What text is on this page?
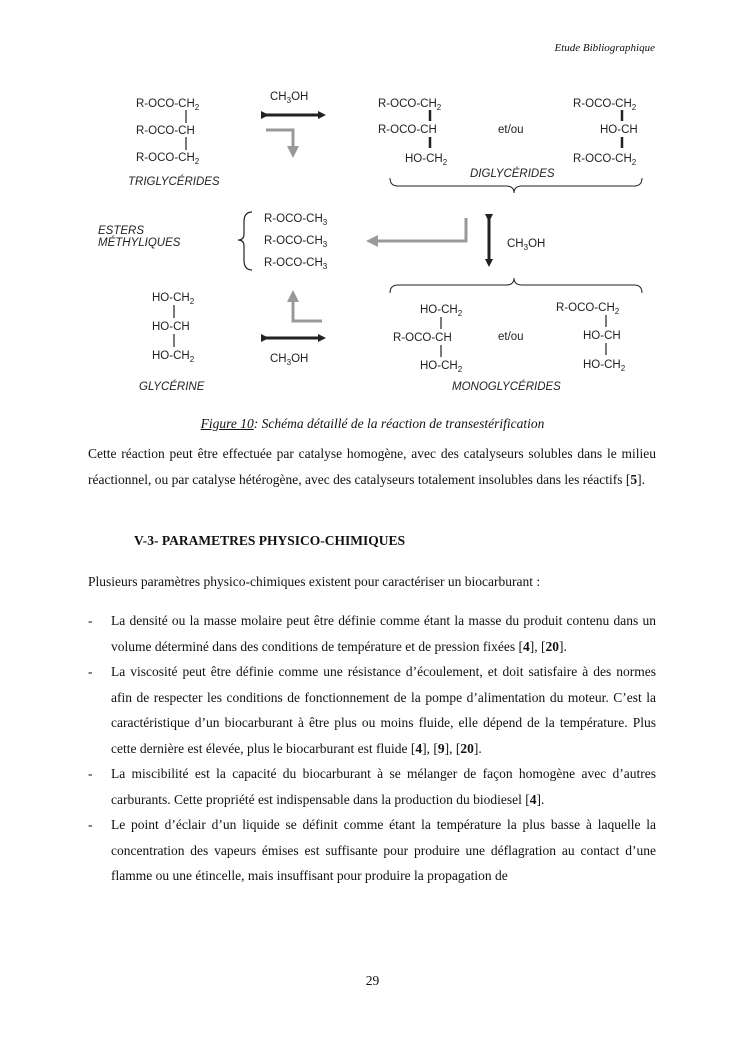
Etude Bibliographique
$R-OCO-CH_2$
R-OCO-CH
$R-OCO-CH_2$
TRIGLYCÉRIDES
$CH_3OH$
$R-OCO-CH_2$
R-OCO-CH
$HO-CH_2$
et/ou
$R-OCO-CH_2$
HO-CH
$R-OCO-CH_2$
DIGLYCÉRIDES
ESTERS
MÉTHYLIQUES
$R-OCO-CH_3$
$R-OCO-CH_3$
$R-OCO-CH_3$
$CH_3OH$
$HO-CH_2$
R-OCO-CH
$HO-CH_2$
et/ou
$R-OCO-CH_2$
HO-CH
$HO-CH_2$
MONOGLYCÉRIDES
$HO-CH_2$
HO-CH
$HO-CH_2$
GLYCÉRINE
$CH_3OH$
Figure 10: Schéma détaillé de la réaction de transestérification

Cette réaction peut être effectuée par catalyse homogène, avec des catalyseurs solubles dans le milieu réactionnel, ou par catalyse hétérogène, avec des catalyseurs totalement insolubles dans les réactifs [5].

V-3- PARAMETRES PHYSICO-CHIMIQUES

Plusieurs paramètres physico-chimiques existent pour caractériser un biocarburant :

- La densité ou la masse molaire peut être définie comme étant la masse du produit contenu dans un volume déterminé dans des conditions de température et de pression fixées [4], [20].
- La viscosité peut être définie comme une résistance d’écoulement, et doit satisfaire à des normes afin de respecter les conditions de fonctionnement de la pompe d’alimentation du moteur. C’est la caractéristique d’un biocarburant à être plus ou moins fluide, elle dépend de la température. Plus cette dernière est élevée, plus le biocarburant est fluide [4], [9], [20].
- La miscibilité est la capacité du biocarburant à se mélanger de façon homogène avec d’autres carburants. Cette propriété est indispensable dans la production du biodiesel [4].
- Le point d’éclair d’un liquide se définit comme étant la température la plus basse à laquelle la concentration des vapeurs émises est suffisante pour produire une déflagration au contact d’une flamme ou une étincelle, mais insuffisant pour produire la propagation de
29
